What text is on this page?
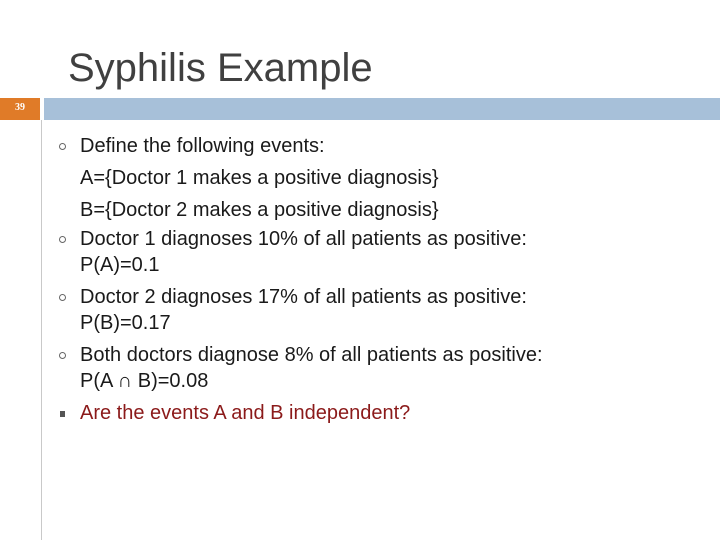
Syphilis Example
39
Define the following events:
A={Doctor 1 makes a positive diagnosis}
B={Doctor 2 makes a positive diagnosis}
Doctor 1 diagnoses 10% of all patients as positive:
P(A)=0.1
Doctor 2 diagnoses 17% of all patients as positive:
P(B)=0.17
Both doctors diagnose 8% of all patients as positive:
P(A ∩ B)=0.08
Are the events A and B independent?
